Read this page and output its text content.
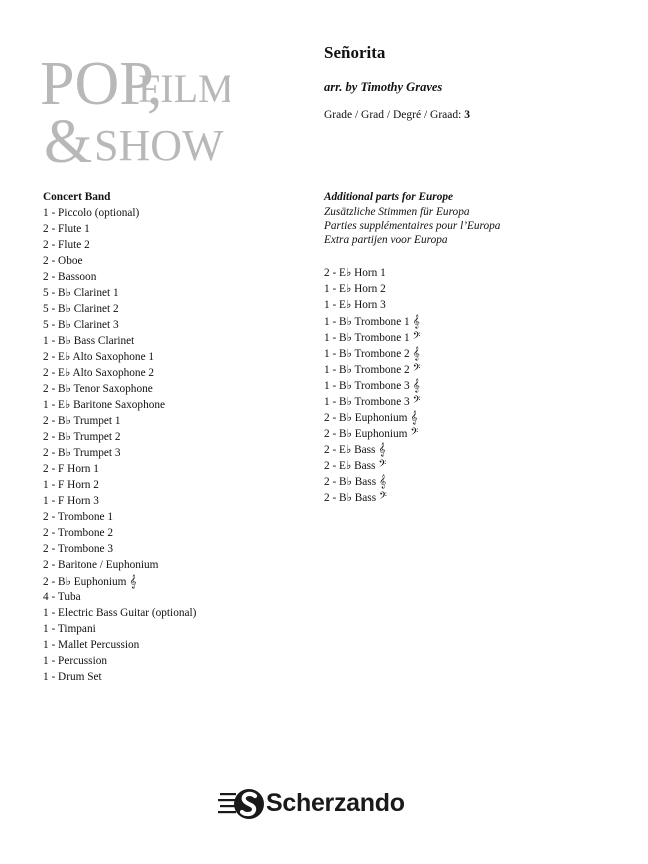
POP,
FILM
& SHOW
Señorita
arr. by Timothy Graves
Grade / Grad / Degré / Graad: 3
Concert Band
1 - Piccolo (optional)
2 - Flute 1
2 - Flute 2
2 - Oboe
2 - Bassoon
5 - B♭ Clarinet 1
5 - B♭ Clarinet 2
5 - B♭ Clarinet 3
1 - B♭ Bass Clarinet
2 - E♭ Alto Saxophone 1
2 - E♭ Alto Saxophone 2
2 - B♭ Tenor Saxophone
1 - E♭ Baritone Saxophone
2 - B♭ Trumpet 1
2 - B♭ Trumpet 2
2 - B♭ Trumpet 3
2 - F Horn 1
1 - F Horn 2
1 - F Horn 3
2 - Trombone 1
2 - Trombone 2
2 - Trombone 3
2 - Baritone / Euphonium
2 - B♭ Euphonium 𝄞
4 - Tuba
1 - Electric Bass Guitar (optional)
1 - Timpani
1 - Mallet Percussion
1 - Percussion
1 - Drum Set
Additional parts for Europe
Zusätzliche Stimmen für Europa
Parties supplémentaires pour l’Europa
Extra partijen voor Europa
2 - E♭ Horn 1
1 - E♭ Horn 2
1 - E♭ Horn 3
1 - B♭ Trombone 1 𝄞
1 - B♭ Trombone 1 𝄢
1 - B♭ Trombone 2 𝄞
1 - B♭ Trombone 2 𝄢
1 - B♭ Trombone 3 𝄞
1 - B♭ Trombone 3 𝄢
2 - B♭ Euphonium 𝄞
2 - B♭ Euphonium 𝄢
2 - E♭ Bass 𝄞
2 - E♭ Bass 𝄢
2 - B♭ Bass 𝄞
2 - B♭ Bass 𝄢
Scherzando
